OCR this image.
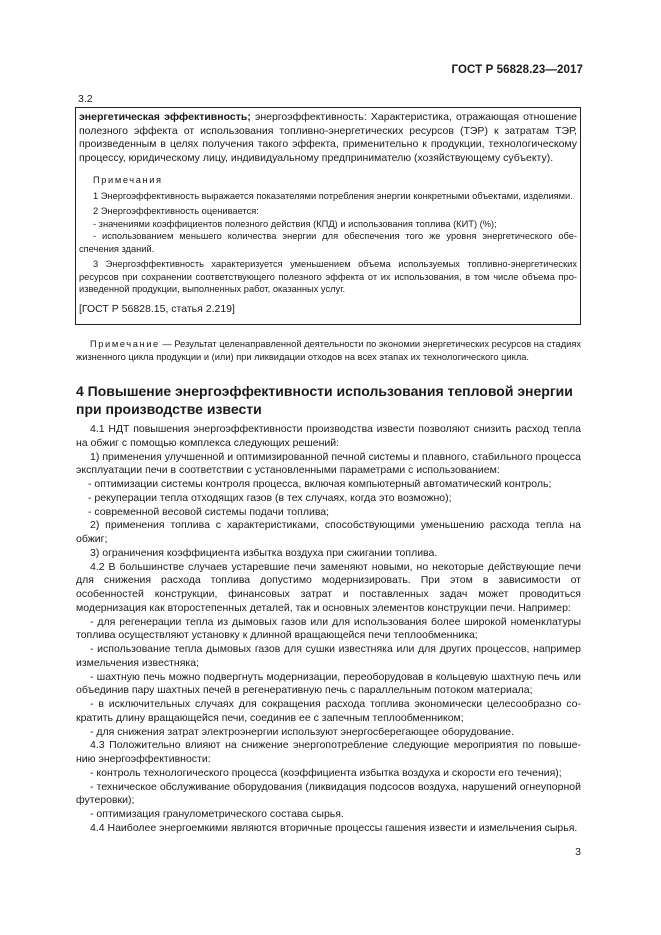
ГОСТ Р 56828.23—2017
3.2

энергетическая эффективность; энергоэффективность: Характеристика, отражающая отношение полезного эффекта от использования топливно-энергетических ресурсов (ТЭР) к затратам ТЭР, произведенным в целях получения такого эффекта, применительно к продукции, технологическому процессу, юридическому лицу, индивидуальному предпринимателю (хозяйствующему субъекту).

Примечания

1 Энергоэффективность выражается показателями потребления энергии конкретными объектами, изделиями.

2 Энергоэффективность оценивается:

- значениями коэффициентов полезного действия (КПД) и использования топлива (КИТ) (%);

- использованием меньшего количества энергии для обеспечения того же уровня энергетического обеспечения зданий.

3 Энергоэффективность характеризуется уменьшением объема используемых топливно-энергетических ресурсов при сохранении соответствующего полезного эффекта от их использования, в том числе объема произведенной продукции, выполненных работ, оказанных услуг.

[ГОСТ Р 56828.15, статья 2.219]

Примечание — Результат целенаправленной деятельности по экономии энергетических ресурсов на стадиях жизненного цикла продукции и (или) при ликвидации отходов на всех этапах их технологического цикла.

4 Повышение энергоэффективности использования тепловой энергии при производстве извести

4.1 НДТ повышения энергоэффективности производства извести позволяют снизить расход тепла на обжиг с помощью комплекса следующих решений:

1) применения улучшенной и оптимизированной печной системы и плавного, стабильного процесса эксплуатации печи в соответствии с установленными параметрами с использованием:

- оптимизации системы контроля процесса, включая компьютерный автоматический контроль;

- рекуперации тепла отходящих газов (в тех случаях, когда это возможно);

- современной весовой системы подачи топлива;

2) применения топлива с характеристиками, способствующими уменьшению расхода тепла на обжиг;

3) ограничения коэффициента избытка воздуха при сжигании топлива.

4.2 В большинстве случаев устаревшие печи заменяют новыми, но некоторые действующие печи для снижения расхода топлива допустимо модернизировать. При этом в зависимости от особенностей конструкции, финансовых затрат и поставленных задач может проводиться модернизация как второстепенных деталей, так и основных элементов конструкции печи. Например:

- для регенерации тепла из дымовых газов или для использования более широкой номенклатуры топлива осуществляют установку к длинной вращающейся печи теплообменника;

- использование тепла дымовых газов для сушки известняка или для других процессов, например измельчения известняка;

- шахтную печь можно подвергнуть модернизации, переоборудовав в кольцевую шахтную печь или объединив пару шахтных печей в регенеративную печь с параллельным потоком материала;

- в исключительных случаях для сокращения расхода топлива экономически целесообразно сократить длину вращающейся печи, соединив ее с запечным теплообменником;

- для снижения затрат электроэнергии используют энергосберегающее оборудование.

4.3 Положительно влияют на снижение энергопотребление следующие мероприятия по повышению энергоэффективности:

- контроль технологического процесса (коэффициента избытка воздуха и скорости его течения);

- техническое обслуживание оборудования (ликвидация подсосов воздуха, нарушений огнеупорной футеровки);

- оптимизация гранулометрического состава сырья.

4.4 Наиболее энергоемкими являются вторичные процессы гашения извести и измельчения сырья.

3
